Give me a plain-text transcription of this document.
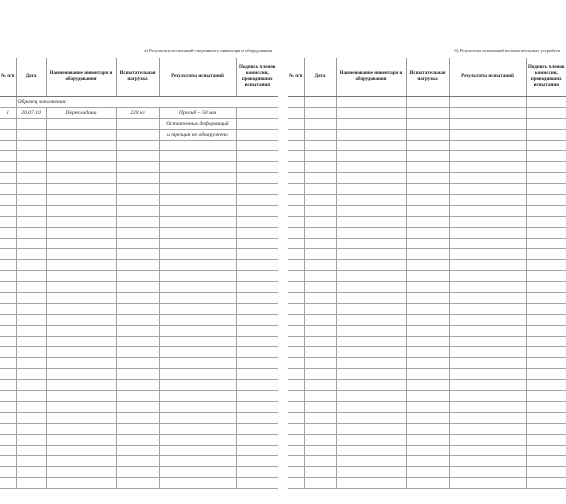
а) Результаты испытаний спортивного инвентаря и оборудования
№ п/п	Дата	Наименование инвентаря и оборудования	Испытательная нагрузка	Результаты испытаний	Подпись членов комиссии, проводивших испытания
	Образец заполнения:				
1	20.07.10	Перекладина	220 кг	Прогиб – 50 мм	
				Остаточных деформаций	
				и трещин не обнаружено	

б) Результаты испытаний вспомогательных устройств
№ п/п	Дата	Наименование инвентаря и оборудования	Испытательная нагрузка	Результаты испытаний	Подпись членов комиссии, проводивших испытания
